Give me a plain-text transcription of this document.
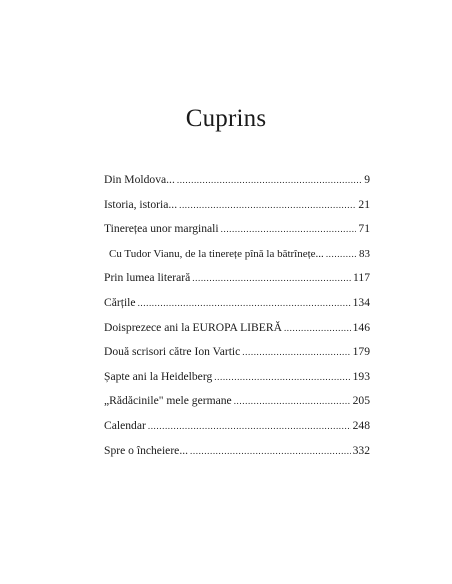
Cuprins
Din Moldova... .....	9
Istoria, istoria... .....	21
Tinerețea unor marginali .....	71
Cu Tudor Vianu, de la tinerețe pînă la bătrînețe... .....	83
Prin lumea literară .....	117
Cărțile .....	134
Doisprezece ani la EUROPA LIBERĂ .....	146
Două scrisori către Ion Vartic .....	179
Șapte ani la Heidelberg .....	193
„Rădăcinile" mele germane .....	205
Calendar .....	248
Spre o încheiere... .....	332
